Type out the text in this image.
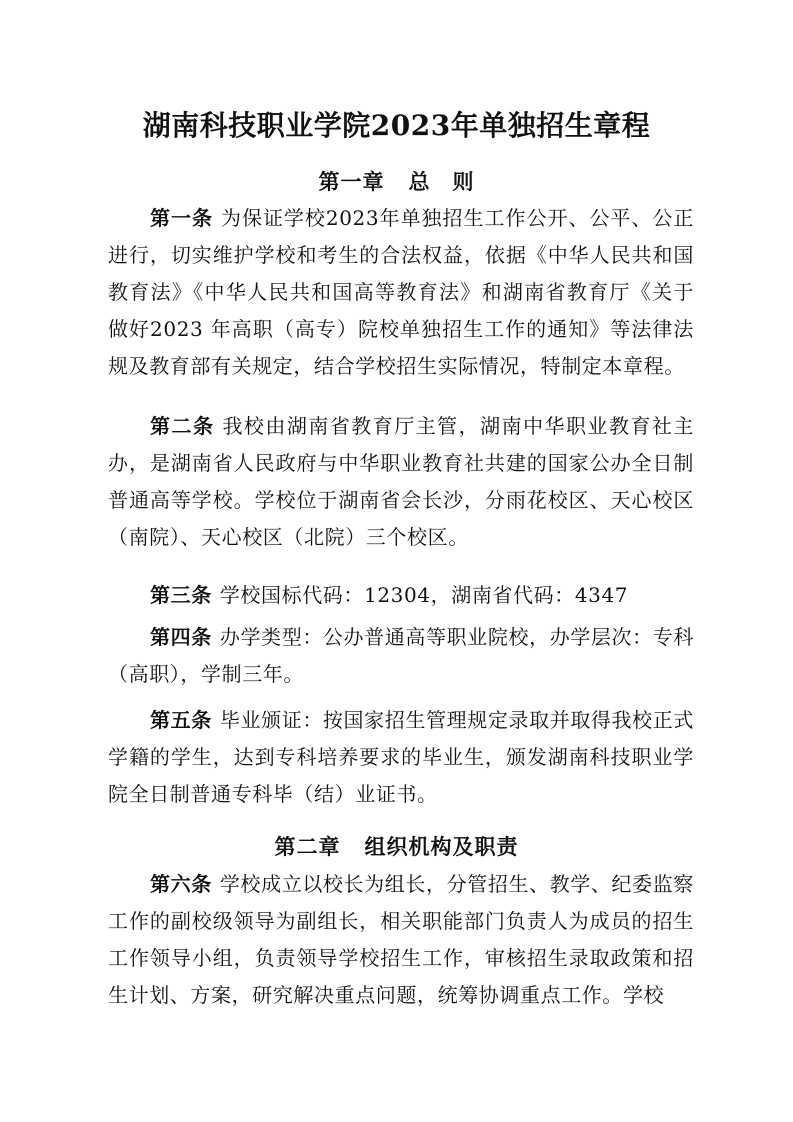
湖南科技职业学院2023年单独招生章程
第一章 总　则

第一条 为保证学校2023年单独招生工作公开、公平、公正进行，切实维护学校和考生的合法权益，依据《中华人民共和国教育法》《中华人民共和国高等教育法》和湖南省教育厅《关于做好2023 年高职（高专）院校单独招生工作的通知》等法律法规及教育部有关规定，结合学校招生实际情况，特制定本章程。

第二条 我校由湖南省教育厅主管，湖南中华职业教育社主办，是湖南省人民政府与中华职业教育社共建的国家公办全日制普通高等学校。学校位于湖南省会长沙，分雨花校区、天心校区（南院）、天心校区（北院）三个校区。

第三条 学校国标代码：12304，湖南省代码：4347

第四条 办学类型：公办普通高等职业院校，办学层次：专科（高职），学制三年。

第五条 毕业颁证：按国家招生管理规定录取并取得我校正式学籍的学生，达到专科培养要求的毕业生，颁发湖南科技职业学院全日制普通专科毕（结）业证书。

第二章 组织机构及职责

第六条 学校成立以校长为组长，分管招生、教学、纪委监察工作的副校级领导为副组长，相关职能部门负责人为成员的招生工作领导小组，负责领导学校招生工作，审核招生录取政策和招生计划、方案，研究解决重点问题，统筹协调重点工作。学校
